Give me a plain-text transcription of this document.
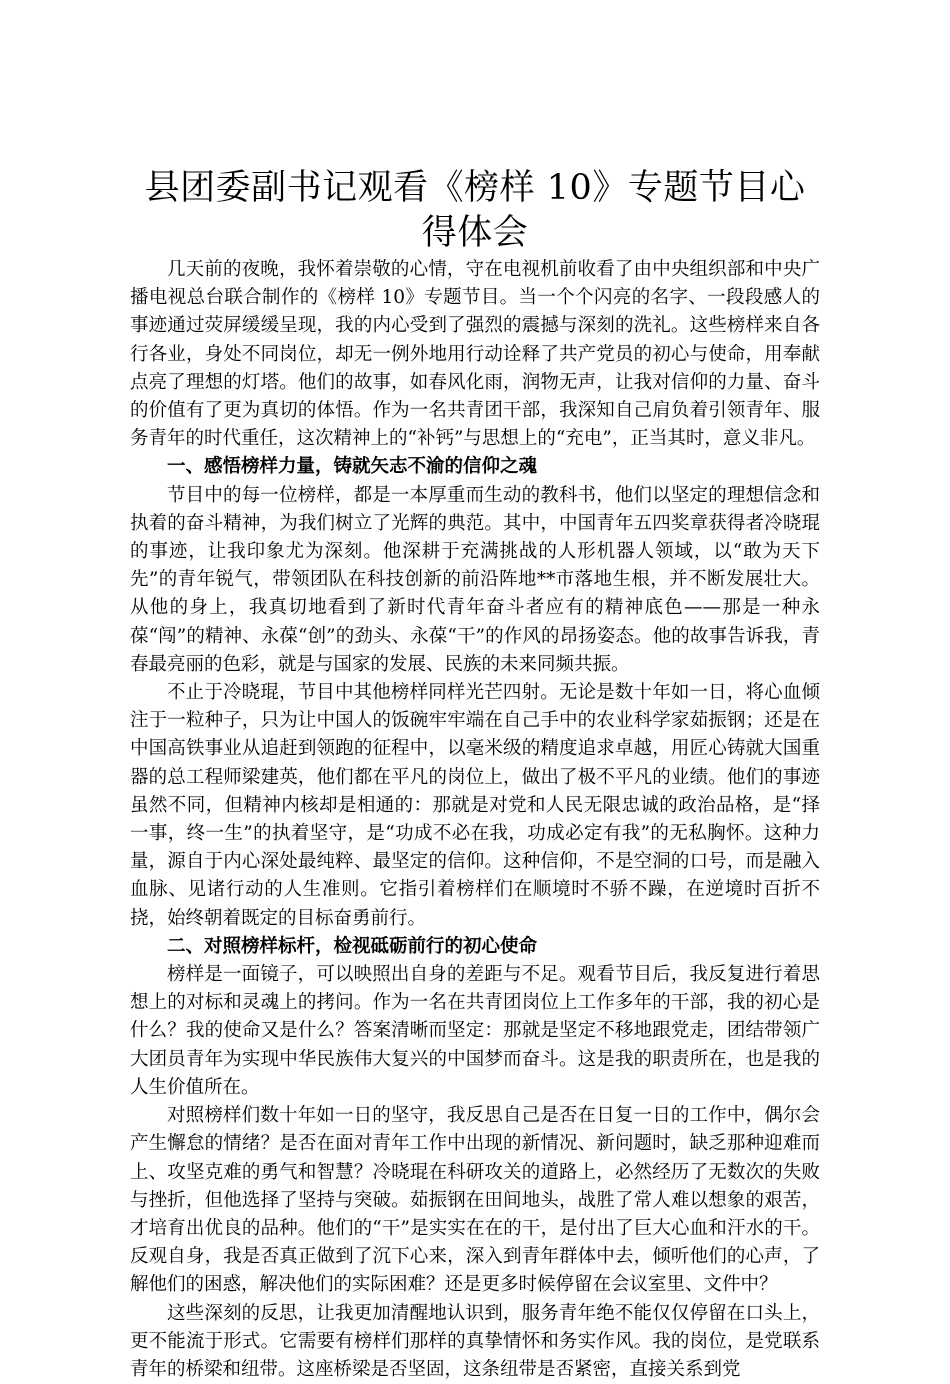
县团委副书记观看《榜样 10》专题节目心得体会

几天前的夜晚，我怀着崇敬的心情，守在电视机前收看了由中央组织部和中央广播电视总台联合制作的《榜样 10》专题节目。当一个个闪亮的名字、一段段感人的事迹通过荧屏缓缓呈现，我的内心受到了强烈的震撼与深刻的洗礼。这些榜样来自各行各业，身处不同岗位，却无一例外地用行动诠释了共产党员的初心与使命，用奉献点亮了理想的灯塔。他们的故事，如春风化雨，润物无声，让我对信仰的力量、奋斗的价值有了更为真切的体悟。作为一名共青团干部，我深知自己肩负着引领青年、服务青年的时代重任，这次精神上的“补钙”与思想上的“充电”，正当其时，意义非凡。

一、感悟榜样力量，铸就矢志不渝的信仰之魂

节目中的每一位榜样，都是一本厚重而生动的教科书，他们以坚定的理想信念和执着的奋斗精神，为我们树立了光辉的典范。其中，中国青年五四奖章获得者冷晓琨的事迹，让我印象尤为深刻。他深耕于充满挑战的人形机器人领域，以“敢为天下先”的青年锐气，带领团队在科技创新的前沿阵地**市落地生根，并不断发展壮大。从他的身上，我真切地看到了新时代青年奋斗者应有的精神底色——那是一种永葆“闯”的精神、永葆“创”的劲头、永葆“干”的作风的昂扬姿态。他的故事告诉我，青春最亮丽的色彩，就是与国家的发展、民族的未来同频共振。

不止于冷晓琨，节目中其他榜样同样光芒四射。无论是数十年如一日，将心血倾注于一粒种子，只为让中国人的饭碗牢牢端在自己手中的农业科学家茹振钢；还是在中国高铁事业从追赶到领跑的征程中，以毫米级的精度追求卓越，用匠心铸就大国重器的总工程师梁建英，他们都在平凡的岗位上，做出了极不平凡的业绩。他们的事迹虽然不同，但精神内核却是相通的：那就是对党和人民无限忠诚的政治品格，是“择一事，终一生”的执着坚守，是“功成不必在我，功成必定有我”的无私胸怀。这种力量，源自于内心深处最纯粹、最坚定的信仰。这种信仰，不是空洞的口号，而是融入血脉、见诸行动的人生准则。它指引着榜样们在顺境时不骄不躁，在逆境时百折不挠，始终朝着既定的目标奋勇前行。

二、对照榜样标杆，检视砥砺前行的初心使命

榜样是一面镜子，可以映照出自身的差距与不足。观看节目后，我反复进行着思想上的对标和灵魂上的拷问。作为一名在共青团岗位上工作多年的干部，我的初心是什么？我的使命又是什么？答案清晰而坚定：那就是坚定不移地跟党走，团结带领广大团员青年为实现中华民族伟大复兴的中国梦而奋斗。这是我的职责所在，也是我的人生价值所在。

对照榜样们数十年如一日的坚守，我反思自己是否在日复一日的工作中，偶尔会产生懈怠的情绪？是否在面对青年工作中出现的新情况、新问题时，缺乏那种迎难而上、攻坚克难的勇气和智慧？冷晓琨在科研攻关的道路上，必然经历了无数次的失败与挫折，但他选择了坚持与突破。茹振钢在田间地头，战胜了常人难以想象的艰苦，才培育出优良的品种。他们的“干”是实实在在的干，是付出了巨大心血和汗水的干。反观自身，我是否真正做到了沉下心来，深入到青年群体中去，倾听他们的心声，了解他们的困惑，解决他们的实际困难？还是更多时候停留在会议室里、文件中？

这些深刻的反思，让我更加清醒地认识到，服务青年绝不能仅仅停留在口头上，更不能流于形式。它需要有榜样们那样的真挚情怀和务实作风。我的岗位，是党联系青年的桥梁和纽带。这座桥梁是否坚固，这条纽带是否紧密，直接关系到党
